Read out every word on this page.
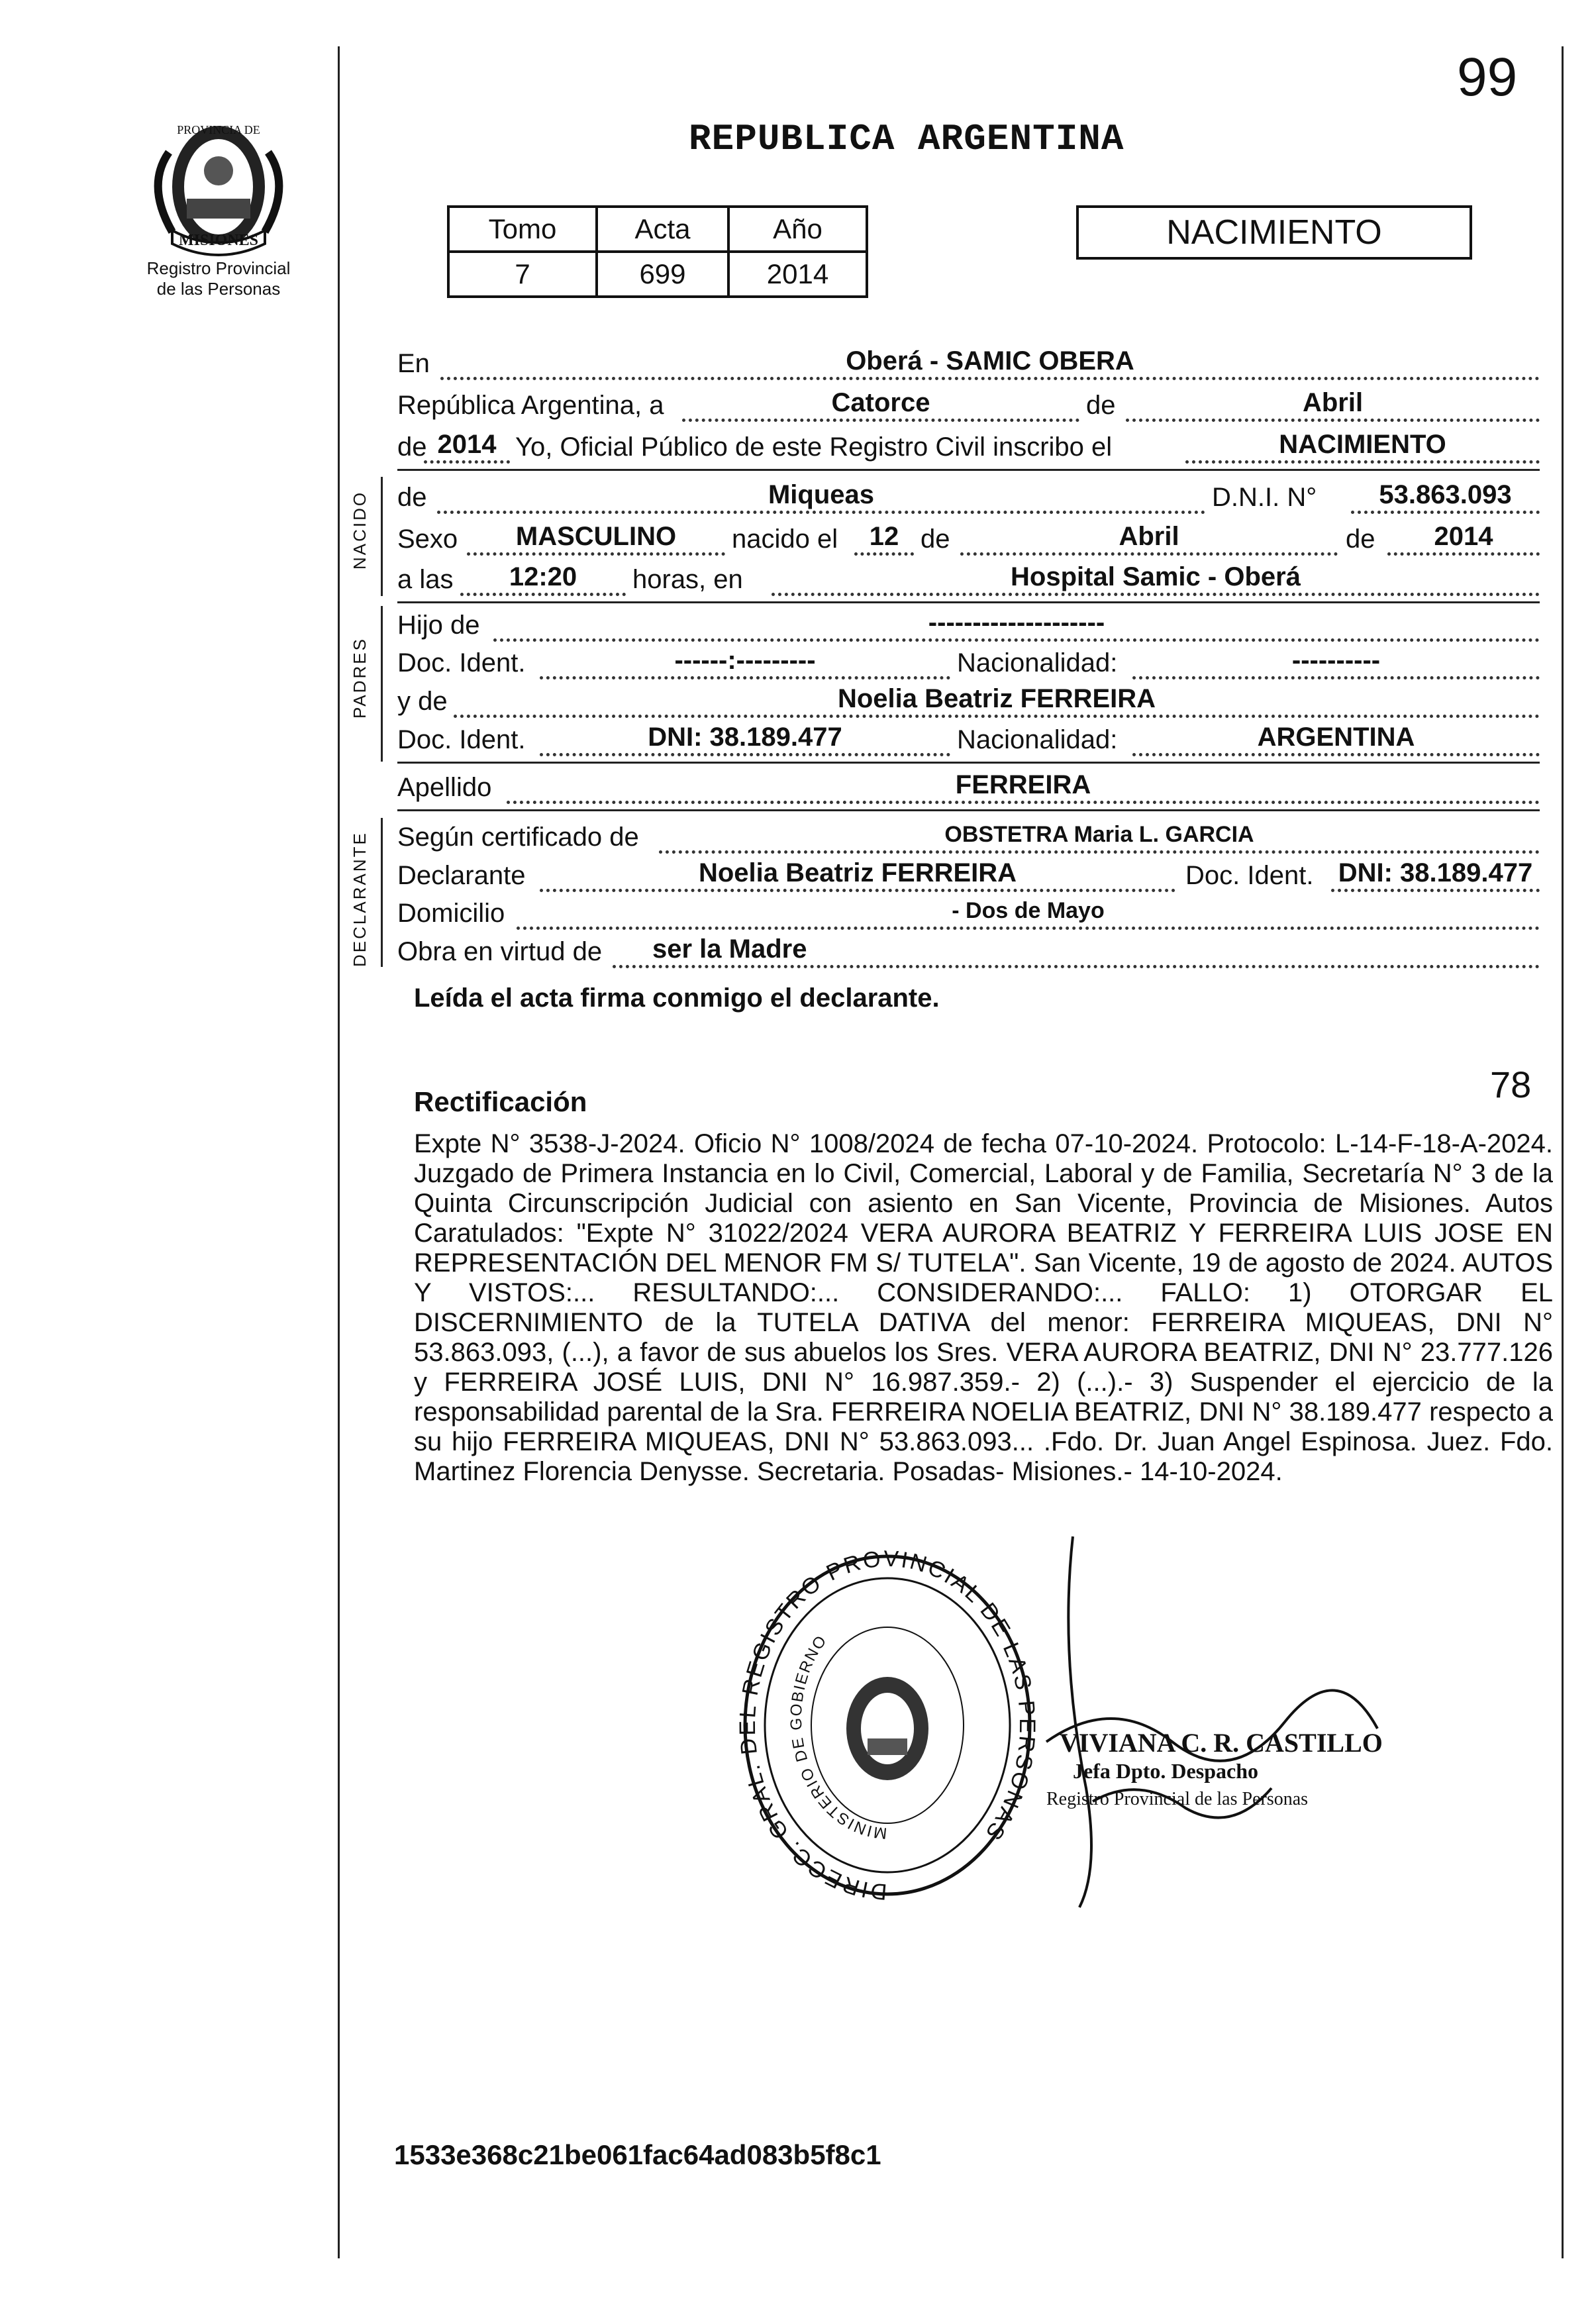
99
REPUBLICA ARGENTINA
MISIONES
PROVINCIA DE
Registro Provincial
de las Personas
Tomo	Acta	Año
7	699	2014
NACIMIENTO
En	Oberá - SAMIC OBERA
República Argentina, a	Catorce	de	Abril
de 2014 Yo, Oficial Público de este Registro Civil inscribo el	NACIMIENTO
NACIDO de	Miqueas	D.N.I. N°	53.863.093
Sexo	MASCULINO	nacido el	12 de	Abril	de	2014
a las	12:20	horas, en	Hospital Samic - Oberá
PADRES
Hijo de	--------------------
Doc. Ident.	------:---------	Nacionalidad:	----------
y de	Noelia Beatriz FERREIRA
Doc. Ident.	DNI: 38.189.477	Nacionalidad:	ARGENTINA
Apellido	FERREIRA
DECLARANTE Según certificado de	OBSTETRA Maria L. GARCIA
Declarante	Noelia Beatriz FERREIRA	Doc. Ident. DNI: 38.189.477
Domicilio	- Dos de Mayo
Obra en virtud de	ser la Madre
Leída el acta firma conmigo el declarante.
78
Rectificación
Expte N° 3538-J-2024. Oficio N° 1008/2024 de fecha 07-10-2024. Protocolo: L-14-F-18-A-2024. Juzgado de Primera Instancia en lo Civil, Comercial, Laboral y de Familia, Secretaría N° 3 de la Quinta Circunscripción Judicial con asiento en San Vicente, Provincia de Misiones. Autos Caratulados: "Expte N° 31022/2024 VERA AURORA BEATRIZ Y FERREIRA LUIS JOSE EN REPRESENTACIÓN DEL MENOR FM S/ TUTELA". San Vicente, 19 de agosto de 2024. AUTOS Y VISTOS:... RESULTANDO:... CONSIDERANDO:... FALLO: 1) OTORGAR EL DISCERNIMIENTO de la TUTELA DATIVA del menor: FERREIRA MIQUEAS, DNI N° 53.863.093, (...), a favor de sus abuelos los Sres. VERA AURORA BEATRIZ, DNI N° 23.777.126 y FERREIRA JOSÉ LUIS, DNI N° 16.987.359.- 2) (...).- 3) Suspender el ejercicio de la responsabilidad parental de la Sra. FERREIRA NOELIA BEATRIZ, DNI N° 38.189.477 respecto a su hijo FERREIRA MIQUEAS, DNI N° 53.863.093... .Fdo. Dr. Juan Angel Espinosa. Juez. Fdo. Martinez Florencia Denysse. Secretaria. Posadas- Misiones.- 14-10-2024.
DIRECC. GRAL. DEL REGISTRO PROVINCIAL DE LAS PERSONAS
MINISTERIO DE GOBIERNO
VIVIANA C. R. CASTILLO
Jefa Dpto. Despacho
Registro Provincial de las Personas
1533e368c21be061fac64ad083b5f8c1
